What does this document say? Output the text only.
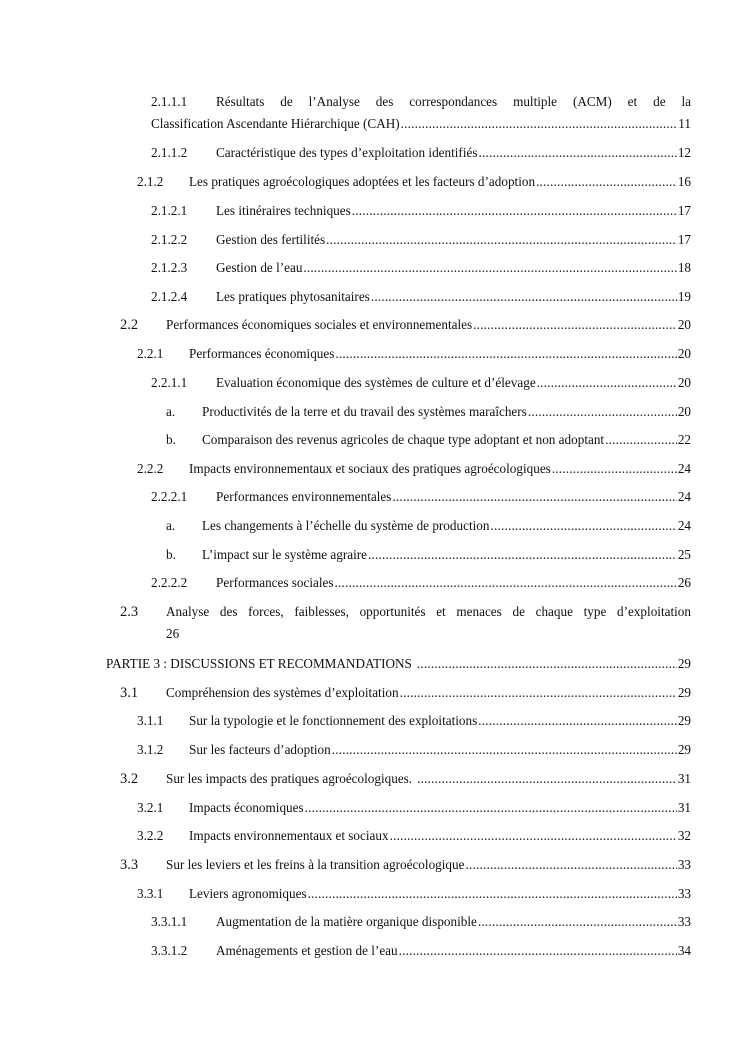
2.1.1.1	Résultats de l’Analyse des correspondances multiple (ACM) et de la
Classification Ascendante Hiérarchique (CAH) .....	11
2.1.1.2	Caractéristique des types d’exploitation identifiés .....	12
2.1.2	Les pratiques agroécologiques adoptées et les facteurs d’adoption .....	16
2.1.2.1	Les itinéraires techniques .....	17
2.1.2.2	Gestion des fertilités .....	17
2.1.2.3	Gestion de l’eau .....	18
2.1.2.4	Les pratiques phytosanitaires .....	19
2.2	Performances économiques sociales et environnementales .....	20
2.2.1	Performances économiques .....	20
2.2.1.1	Evaluation économique des systèmes de culture et d’élevage .....	20
a.	Productivités de la terre et du travail des systèmes maraîchers .....	20
b.	Comparaison des revenus agricoles de chaque type adoptant et non adoptant .....	22
2.2.2	Impacts environnementaux et sociaux des pratiques agroécologiques .....	24
2.2.2.1	Performances environnementales .....	24
a.	Les changements à l’échelle du système de production .....	24
b.	L’impact sur le système agraire .....	25
2.2.2.2	Performances sociales .....	26
2.3	Analyse des forces, faiblesses, opportunités et menaces de chaque type d’exploitation
26
PARTIE 3 : DISCUSSIONS ET RECOMMANDATIONS .....	29
3.1	Compréhension des systèmes d’exploitation .....	29
3.1.1	Sur la typologie et le fonctionnement des exploitations .....	29
3.1.2	Sur les facteurs d’adoption .....	29
3.2	Sur les impacts des pratiques agroécologiques. .....	31
3.2.1	Impacts économiques .....	31
3.2.2	Impacts environnementaux et sociaux .....	32
3.3	Sur les leviers et les freins à la transition agroécologique .....	33
3.3.1	Leviers agronomiques .....	33
3.3.1.1	Augmentation de la matière organique disponible .....	33
3.3.1.2	Aménagements et gestion de l’eau .....	34
